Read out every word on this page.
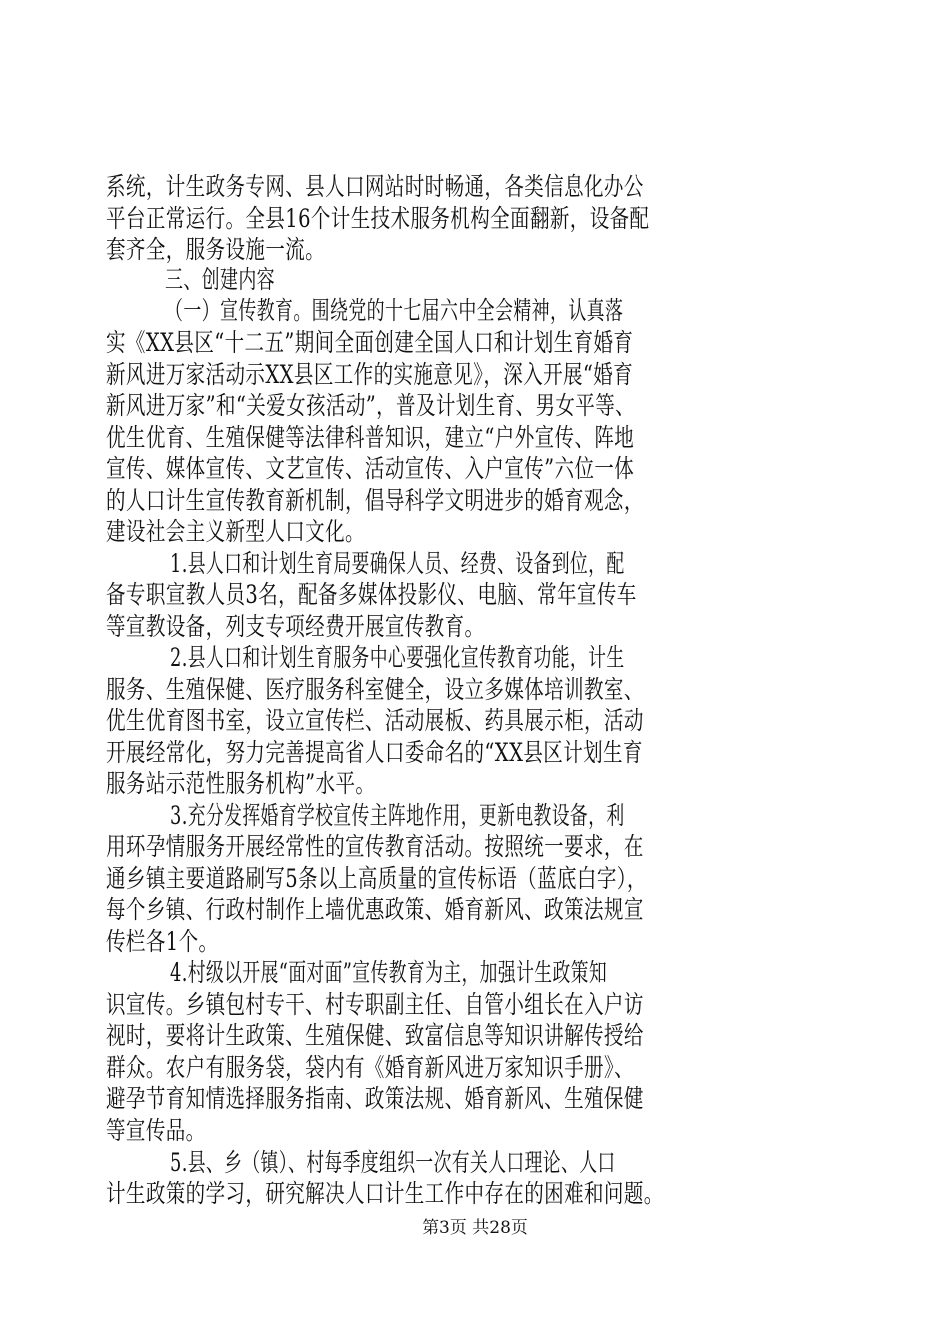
系统，计生政务专网、县人口网站时时畅通，各类信息化办公
平台正常运行。全县16个计生技术服务机构全面翻新，设备配
套齐全，服务设施一流。
三、创建内容
（一）宣传教育。围绕党的十七届六中全会精神，认真落
实《XX县区“十二五”期间全面创建全国人口和计划生育婚育
新风进万家活动示XX县区工作的实施意见》，深入开展“婚育
新风进万家”和“关爱女孩活动”，普及计划生育、男女平等、
优生优育、生殖保健等法律科普知识，建立“户外宣传、阵地
宣传、媒体宣传、文艺宣传、活动宣传、入户宣传”六位一体
的人口计生宣传教育新机制，倡导科学文明进步的婚育观念，
建设社会主义新型人口文化。
1.县人口和计划生育局要确保人员、经费、设备到位，配
备专职宣教人员3名，配备多媒体投影仪、电脑、常年宣传车
等宣教设备，列支专项经费开展宣传教育。
2.县人口和计划生育服务中心要强化宣传教育功能，计生
服务、生殖保健、医疗服务科室健全，设立多媒体培训教室、
优生优育图书室，设立宣传栏、活动展板、药具展示柜，活动
开展经常化，努力完善提高省人口委命名的“XX县区计划生育
服务站示范性服务机构”水平。
3.充分发挥婚育学校宣传主阵地作用，更新电教设备，利
用环孕情服务开展经常性的宣传教育活动。按照统一要求，在
通乡镇主要道路刷写5条以上高质量的宣传标语（蓝底白字），
每个乡镇、行政村制作上墙优惠政策、婚育新风、政策法规宣
传栏各1个。
4.村级以开展“面对面”宣传教育为主，加强计生政策知
识宣传。乡镇包村专干、村专职副主任、自管小组长在入户访
视时，要将计生政策、生殖保健、致富信息等知识讲解传授给
群众。农户有服务袋，袋内有《婚育新风进万家知识手册》、
避孕节育知情选择服务指南、政策法规、婚育新风、生殖保健
等宣传品。
5.县、乡（镇）、村每季度组织一次有关人口理论、人口
计生政策的学习，研究解决人口计生工作中存在的困难和问题。
第3页 共28页
